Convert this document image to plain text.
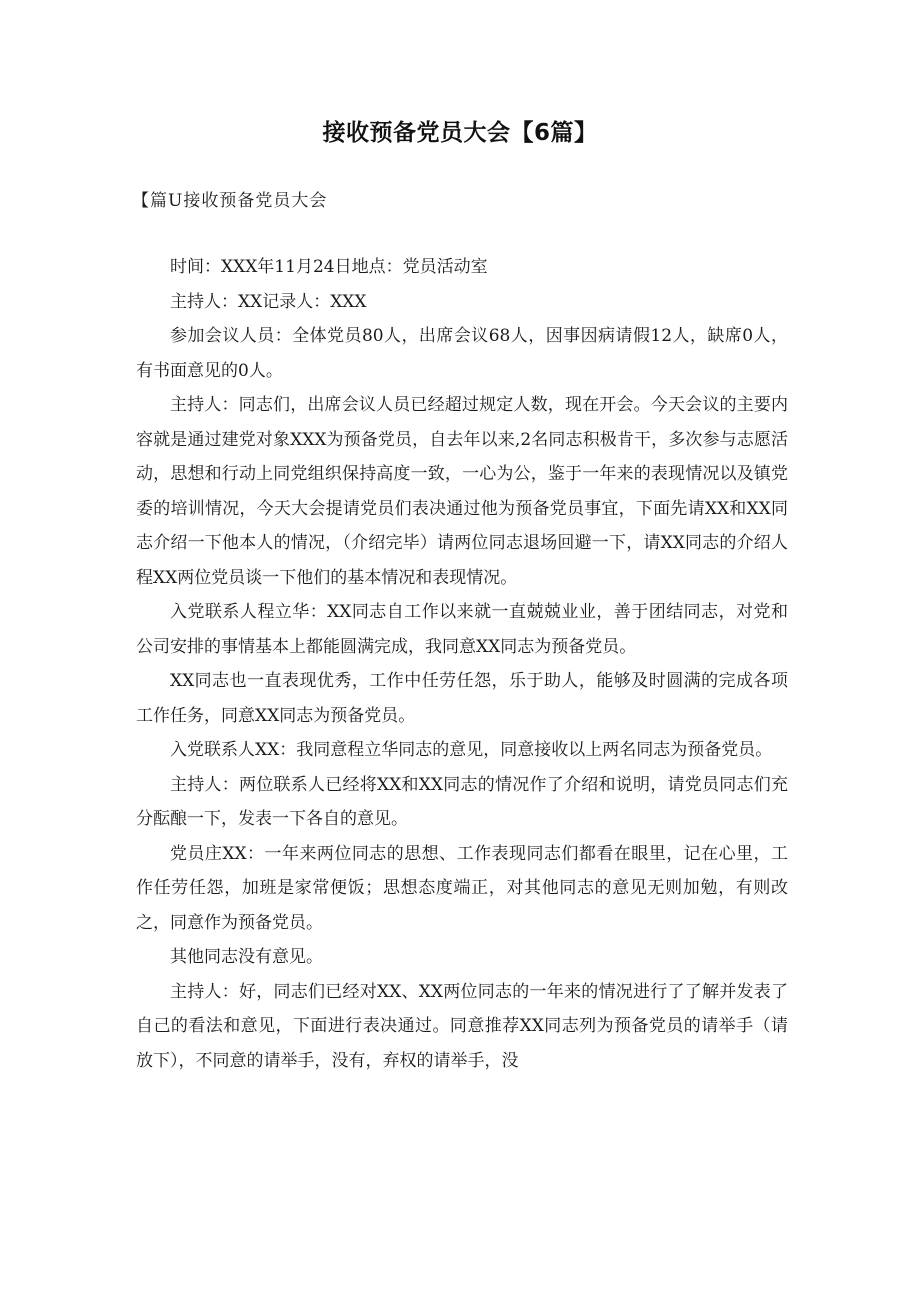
接收预备党员大会【6篇】
【篇U接收预备党员大会

时间：XXX年11月24日地点：党员活动室

主持人：XX记录人：XXX

参加会议人员：全体党员80人，出席会议68人，因事因病请假12人，缺席0人，有书面意见的0人。

主持人：同志们，出席会议人员已经超过规定人数，现在开会。今天会议的主要内容就是通过建党对象XXX为预备党员，自去年以来,2名同志积极肯干，多次参与志愿活动，思想和行动上同党组织保持高度一致，一心为公，鉴于一年来的表现情况以及镇党委的培训情况，今天大会提请党员们表决通过他为预备党员事宜，下面先请XX和XX同志介绍一下他本人的情况，（介绍完毕）请两位同志退场回避一下，请XX同志的介绍人程XX两位党员谈一下他们的基本情况和表现情况。

入党联系人程立华：XX同志自工作以来就一直兢兢业业，善于团结同志，对党和公司安排的事情基本上都能圆满完成，我同意XX同志为预备党员。

XX同志也一直表现优秀，工作中任劳任怨，乐于助人，能够及时圆满的完成各项工作任务，同意XX同志为预备党员。

入党联系人XX：我同意程立华同志的意见，同意接收以上两名同志为预备党员。

主持人：两位联系人已经将XX和XX同志的情况作了介绍和说明，请党员同志们充分酝酿一下，发表一下各自的意见。

党员庄XX：一年来两位同志的思想、工作表现同志们都看在眼里，记在心里，工作任劳任怨，加班是家常便饭；思想态度端正，对其他同志的意见无则加勉，有则改之，同意作为预备党员。

其他同志没有意见。

主持人：好，同志们已经对XX、XX两位同志的一年来的情况进行了了解并发表了自己的看法和意见，下面进行表决通过。同意推荐XX同志列为预备党员的请举手（请放下），不同意的请举手，没有，弃权的请举手，没
